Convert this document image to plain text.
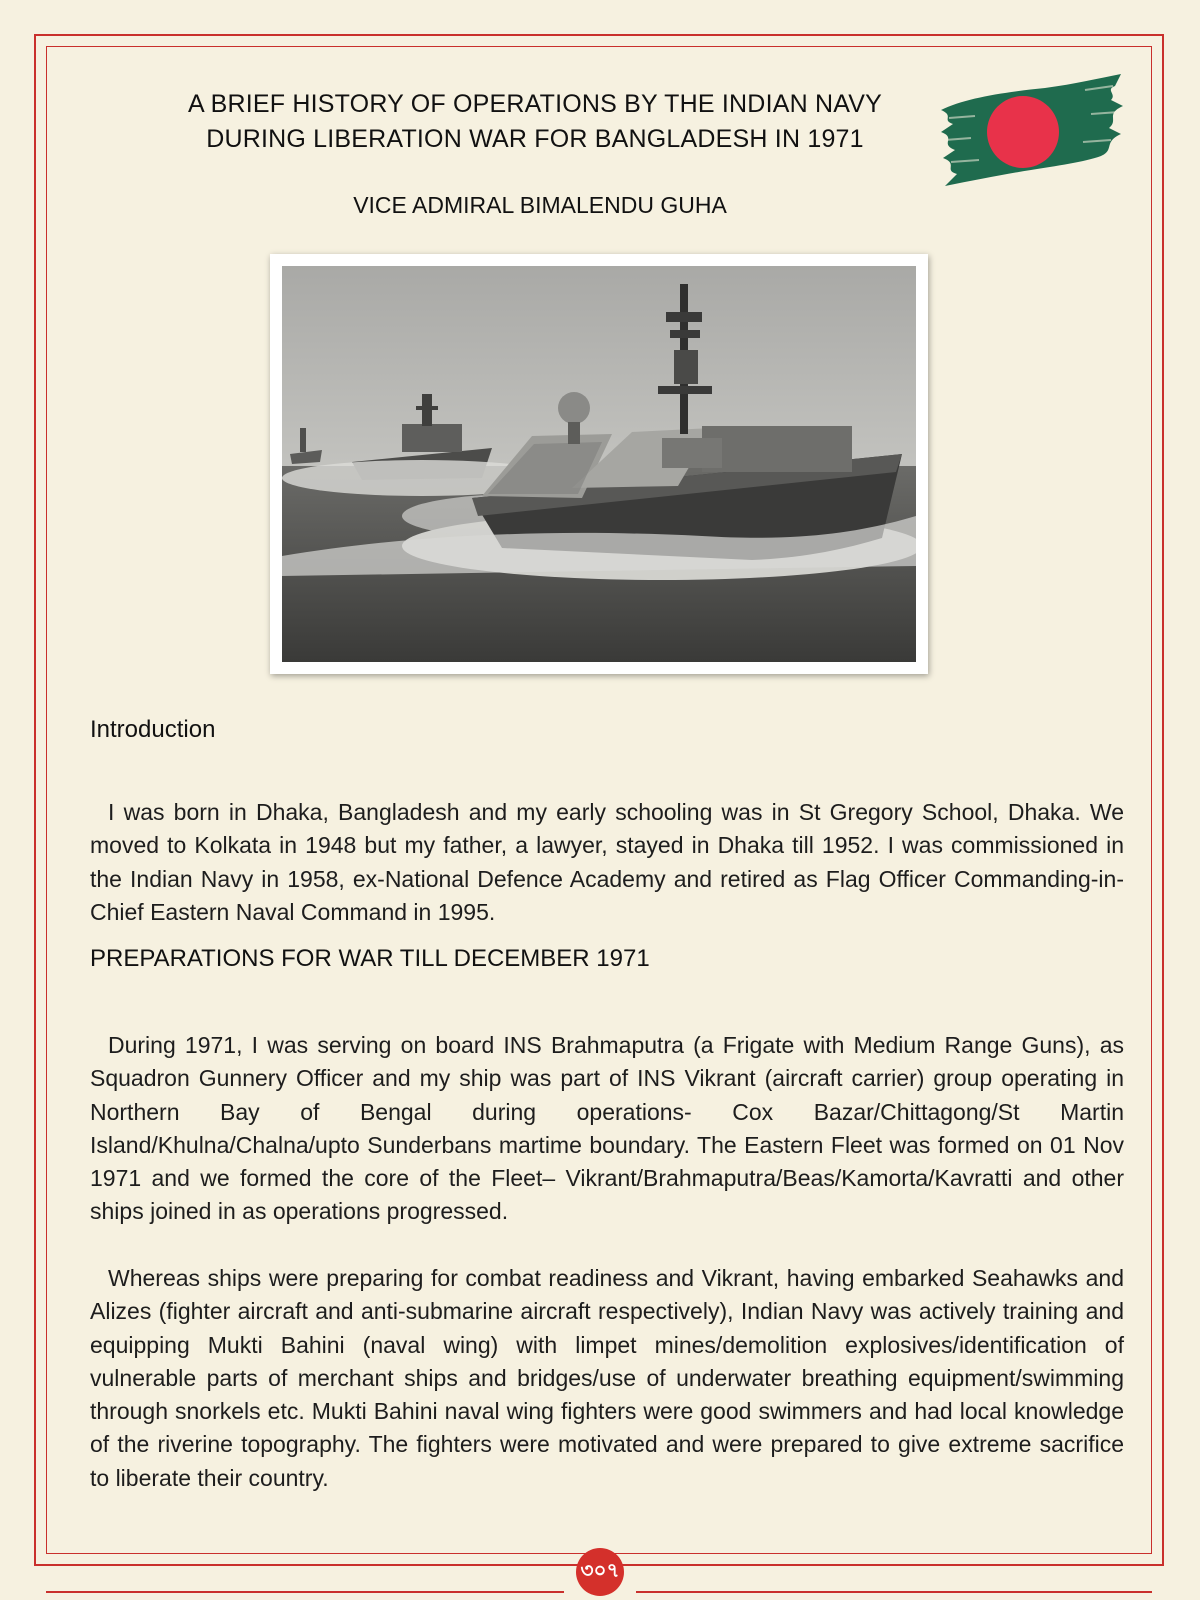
A BRIEF HISTORY OF OPERATIONS BY THE INDIAN NAVY
DURING LIBERATION WAR FOR BANGLADESH IN 1971

VICE ADMIRAL BIMALENDU GUHA

Introduction

I was born in Dhaka, Bangladesh and my early schooling was in St Gregory School, Dhaka. We moved to Kolkata in 1948 but my father, a lawyer, stayed in Dhaka till 1952. I was commissioned in the Indian Navy in 1958, ex-National Defence Academy and retired as Flag Officer Commanding-in-Chief Eastern Naval Command in 1995.

PREPARATIONS FOR WAR TILL DECEMBER 1971

During 1971, I was serving on board INS Brahmaputra (a Frigate with Medium Range Guns), as Squadron Gunnery Officer and my ship was part of INS Vikrant (aircraft carrier) group operating in Northern Bay of Bengal during operations- Cox Bazar/Chittagong/St Martin Island/Khulna/Chalna/upto Sunderbans martime boundary. The Eastern Fleet was formed on 01 Nov 1971 and we formed the core of the Fleet– Vikrant/Brahmaputra/Beas/Kamorta/Kavratti and other ships joined in as operations progressed.

Whereas ships were preparing for combat readiness and Vikrant, having embarked Seahawks and Alizes (fighter aircraft and anti-submarine aircraft respectively), Indian Navy was actively training and equipping Mukti Bahini (naval wing) with limpet mines/demolition explosives/identification of vulnerable parts of merchant ships and bridges/use of underwater breathing equipment/swimming through snorkels etc. Mukti Bahini naval wing fighters were good swimmers and had local knowledge of the riverine topography. The fighters were motivated and were prepared to give extreme sacrifice to liberate their country.

৩০৭
